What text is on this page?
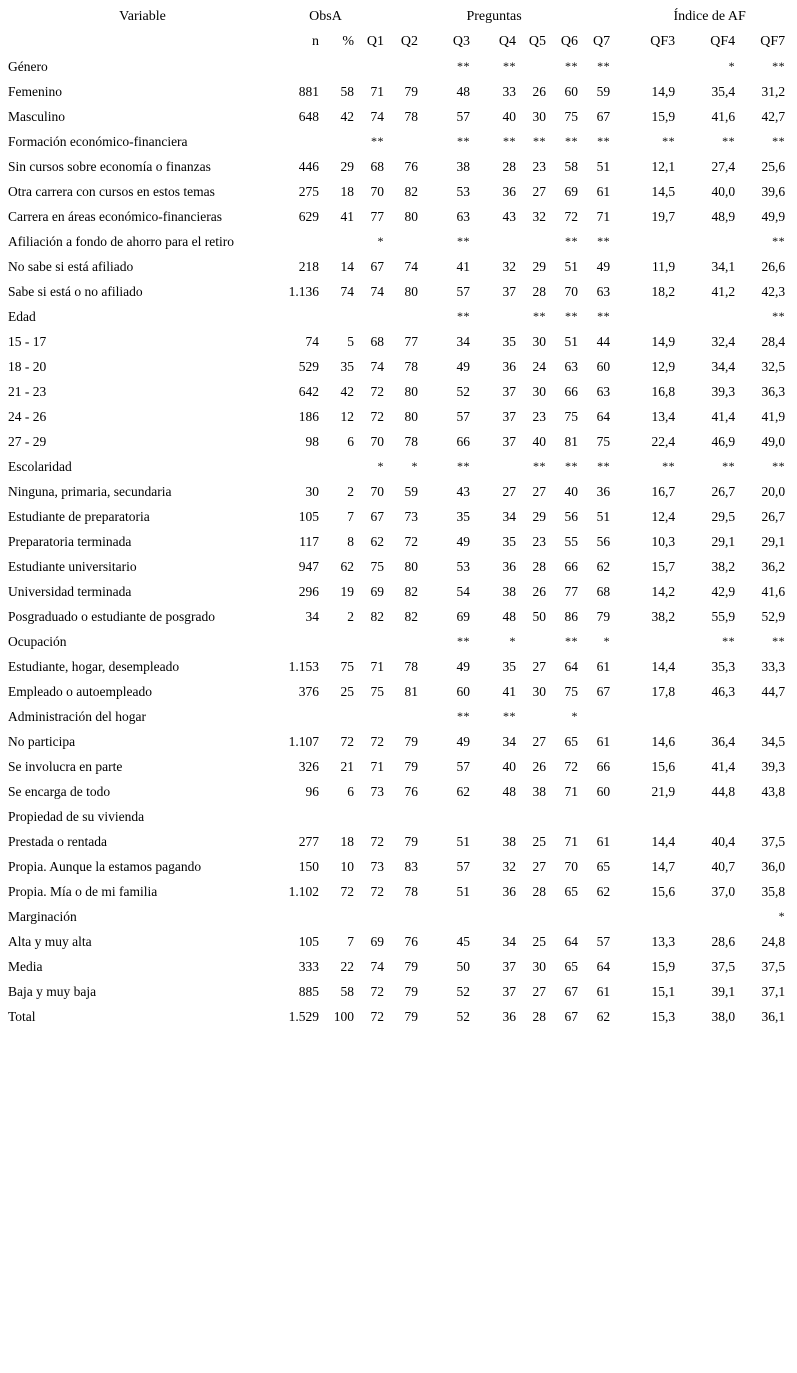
Variable	ObsA		Preguntas							Índice de AF		
	n	%	Q1	Q2	Q3	Q4	Q5	Q6	Q7	QF3	QF4	QF7
Género					**	**		**	**		*	**
Femenino	881	58	71	79	48	33	26	60	59	14,9	35,4	31,2
Masculino	648	42	74	78	57	40	30	75	67	15,9	41,6	42,7
Formación económico-financiera			**		**	**	**	**	**	**	**	**
Sin cursos sobre economía o finanzas	446	29	68	76	38	28	23	58	51	12,1	27,4	25,6
Otra carrera con cursos en estos temas	275	18	70	82	53	36	27	69	61	14,5	40,0	39,6
Carrera en áreas económico-financieras	629	41	77	80	63	43	32	72	71	19,7	48,9	49,9
Afiliación a fondo de ahorro para el retiro			*		**			**	**			**
No sabe si está afiliado	218	14	67	74	41	32	29	51	49	11,9	34,1	26,6
Sabe si está o no afiliado	1.136	74	74	80	57	37	28	70	63	18,2	41,2	42,3
Edad					**		**	**	**			**
15 - 17	74	5	68	77	34	35	30	51	44	14,9	32,4	28,4
18 - 20	529	35	74	78	49	36	24	63	60	12,9	34,4	32,5
21 - 23	642	42	72	80	52	37	30	66	63	16,8	39,3	36,3
24 - 26	186	12	72	80	57	37	23	75	64	13,4	41,4	41,9
27 - 29	98	6	70	78	66	37	40	81	75	22,4	46,9	49,0
Escolaridad			*	*	**		**	**	**	**	**	**
Ninguna, primaria, secundaria	30	2	70	59	43	27	27	40	36	16,7	26,7	20,0
Estudiante de preparatoria	105	7	67	73	35	34	29	56	51	12,4	29,5	26,7
Preparatoria terminada	117	8	62	72	49	35	23	55	56	10,3	29,1	29,1
Estudiante universitario	947	62	75	80	53	36	28	66	62	15,7	38,2	36,2
Universidad terminada	296	19	69	82	54	38	26	77	68	14,2	42,9	41,6
Posgraduado o estudiante de posgrado	34	2	82	82	69	48	50	86	79	38,2	55,9	52,9
Ocupación					**	*		**	*		**	**
Estudiante, hogar, desempleado	1.153	75	71	78	49	35	27	64	61	14,4	35,3	33,3
Empleado o autoempleado	376	25	75	81	60	41	30	75	67	17,8	46,3	44,7
Administración del hogar					**	**		*				
No participa	1.107	72	72	79	49	34	27	65	61	14,6	36,4	34,5
Se involucra en parte	326	21	71	79	57	40	26	72	66	15,6	41,4	39,3
Se encarga de todo	96	6	73	76	62	48	38	71	60	21,9	44,8	43,8
Propiedad de su vivienda												
Prestada o rentada	277	18	72	79	51	38	25	71	61	14,4	40,4	37,5
Propia. Aunque la estamos pagando	150	10	73	83	57	32	27	70	65	14,7	40,7	36,0
Propia. Mía o de mi familia	1.102	72	72	78	51	36	28	65	62	15,6	37,0	35,8
Marginación												*
Alta y muy alta	105	7	69	76	45	34	25	64	57	13,3	28,6	24,8
Media	333	22	74	79	50	37	30	65	64	15,9	37,5	37,5
Baja y muy baja	885	58	72	79	52	37	27	67	61	15,1	39,1	37,1
Total	1.529	100	72	79	52	36	28	67	62	15,3	38,0	36,1
